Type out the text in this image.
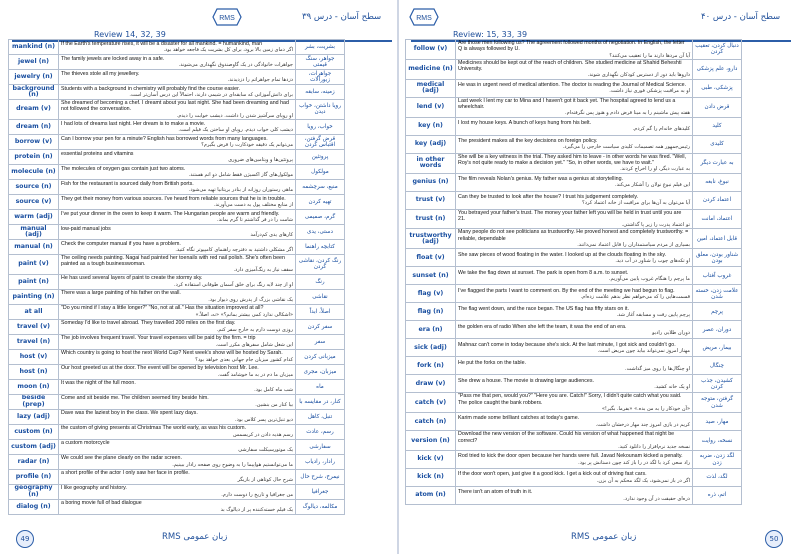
Review 14, 32, 39
RMS	سطح آسان - درس ۳۹
mankind (n)	If the Earth's temperature rises, it will be a disaster for all mankind. = humankind, man
اگر دمای زمین بالا برود، برای کل بشریت یک فاجعه خواهد بود.	بشریت، بشر
jewel (n)	The family jewels are locked away in a safe.
جواهرات خانوادگی در یک گاوصندوق نگهداری می‌شوند.	جواهر، سنگ قیمتی
jewelry (n)	The thieves stole all my jewellery.
دزدها تمام جواهراتم را دزدیدند.	جواهرات، زیورآلات
background (n)	Students with a background in chemistry will probably find the course easier.
برای دانش‌آموزانی که سابقه‌ای در شیمی دارند، احتمالاً این درس آسان‌تر است.	زمینه، سابقه
dream (v)	She dreamed of becoming a chef. I dreamt about you last night. She had been dreaming and had not followed the conversation.
او رویای سرآشپز شدن را داشت. دیشب خوابت را دیدم.	رویا داشتن، خواب دیدن
dream (n)	I had lots of dreams last night. Her dream is to make a movie.
دیشب کلی خواب دیدم. رویای او ساختن یک فیلم است.	خواب، رویا
borrow (v)	Can I borrow your pen for a minute? English has borrowed words from many languages.
می‌توانم یک دقیقه خودکارت را قرض بگیرم؟	قرض گرفتن، اقتباس کردن
protein (n)	essential proteins and vitamins
پروتئین‌ها و ویتامین‌های ضروری	پروتئین
molecule (n)	The molecules of oxygen gas contain just two atoms.
مولکول‌های گاز اکسیژن فقط شامل دو اتم هستند.	مولکول
source (n)	Fish for the restaurant is sourced daily from British ports.
ماهی رستوران روزانه از بنادر بریتانیا تهیه می‌شود.	منبع، سرچشمه
source (v)	They get their money from various sources. I've heard from reliable sources that he is in trouble.
از منابع مختلف پول به دست می‌آورند.	تهیه کردن
warm (adj)	I've put your dinner in the oven to keep it warm. The Hungarian people are warm and friendly.
شامت را در فر گذاشتم تا گرم بماند.	گرم، صمیمی
manual (adj)	low-paid manual jobs
کارهای یدی کم‌درآمد	دستی، یدی
manual (n)	Check the computer manual if you have a problem.
اگر مشکلی داشتید به دفترچه راهنمای کامپیوتر نگاه کنید.	کتابچه راهنما
paint (v)	The ceiling needs painting. Nagai had painted her toenails with red nail polish. She's often been painted as a tough businesswoman.
سقف نیاز به رنگ‌آمیزی دارد.	رنگ کردن، نقاشی کردن
paint (n)	He has used several layers of paint to create the stormy sky.
او از چند لایه رنگ برای خلق آسمان طوفانی استفاده کرد.	رنگ
painting (n)	There was a large painting of his father on the wall.
یک نقاشی بزرگ از پدرش روی دیوار بود.	نقاشی
at all	"Do you mind if I stay a little longer?" "No, not at all." Has the situation improved at all?
«اشکالی ندارد کمی بیشتر بمانم؟» «نه، اصلاً.»	اصلاً، ابداً
travel (v)	Someday I'd like to travel abroad. They travelled 200 miles on the first day.
روزی دوست دارم به خارج سفر کنم.	سفر کردن
travel (n)	The job involves frequent travel. Your travel expenses will be paid by the firm. = trip
این شغل شامل سفرهای مکرر است.	سفر
host (v)	Which country is going to host the next World Cup? Next week's show will be hosted by Sarah.
کدام کشور میزبان جام جهانی بعدی خواهد بود؟	میزبانی کردن
host (n)	Our host greeted us at the door. The event will be opened by television host Mr. Lee.
میزبان ما دم در به ما خوشامد گفت.	میزبان، مجری
moon (n)	It was the night of the full moon.
شب ماه کامل بود.	ماه
beside (prep)	Come and sit beside me. The children seemed tiny beside him.
بیا کنار من بنشین.	کنار، در مقایسه با
lazy (adj)	Dave was the laziest boy in the class. We spent lazy days.
دیو تنبل‌ترین پسر کلاس بود.	تنبل، کاهل
custom (n)	the custom of giving presents at Christmas The world early, as was his custom.
رسم هدیه دادن در کریسمس	رسم، عادت
custom (adj)	a custom motorcycle
یک موتورسیکلت سفارشی	سفارشی
radar (n)	We could see the plane clearly on the radar screen.
ما می‌توانستیم هواپیما را به وضوح روی صفحه رادار ببینیم.	رادار، رادیاب
profile (n)	a short profile of the actor I only saw her face in profile.
شرح حال کوتاهی از بازیگر	نیمرخ، شرح حال
geography (n)	I like geography and history.
من جغرافیا و تاریخ را دوست دارم.	جغرافیا
dialog (n)	a boring movie full of bad dialogue
یک فیلم خسته‌کننده پر از دیالوگ بد	مکالمه، دیالوگ
49	زبان عمومی RMS
Review: 15, 33, 39
RMS	سطح آسان - درس ۴۰
follow (v)	Are those men following us? The agreement followed months of negotiation. In English, the letter Q is always followed by U.
آیا آن مردها دارند ما را تعقیب می‌کنند؟	دنبال کردن، تعقیب کردن
medicine (n)	Medicines should be kept out of the reach of children. She studied medicine at Shahid Beheshti University.
داروها باید دور از دسترس کودکان نگهداری شوند.	دارو، علم پزشکی
medical (adj)	He was in urgent need of medical attention. The doctor is reading the Journal of Medical Science.
او به مراقبت پزشکی فوری نیاز داشت.	پزشکی، طبی
lend (v)	Last week I lent my car to Mina and I haven't got it back yet. The hospital agreed to lend us a wheelchair.
هفته پیش ماشینم را به مینا قرض دادم و هنوز پس نگرفته‌ام.	قرض دادن
key (n)	I lost my house keys. A bunch of keys hung from his belt.
کلیدهای خانه‌ام را گم کردم.	کلید
key (adj)	The president makes all the key decisions on foreign policy.
رئیس‌جمهور همه تصمیمات کلیدی سیاست خارجی را می‌گیرد.	کلیدی
in other words	She will be a key witness in the trial. They asked him to leave - in other words he was fired. "Well, Roy's not quite ready to make a decision yet." "So, in other words, we have to wait."
به عبارت دیگر، او را اخراج کردند.	به عبارت دیگر
genius (n)	The film reveals Nolan's genius. My father was a genius at storytelling.
این فیلم نبوغ نولان را آشکار می‌کند.	نبوغ، نابغه
trust (v)	Can they be trusted to look after the house? I trust his judgement completely.
آیا می‌توان به آن‌ها برای مراقبت از خانه اعتماد کرد؟	اعتماد کردن
trust (n)	You betrayed your father's trust. The money your father left you will be held in trust until you are 21.
تو اعتماد پدرت را زیر پا گذاشتی.	اعتماد، امانت
trustworthy (adj)	Many people do not see politicians as trustworthy. He proved honest and completely trustworthy. = reliable, dependable
بسیاری از مردم سیاستمداران را قابل اعتماد نمی‌دانند.	قابل اعتماد، امین
float (v)	She saw pieces of wood floating in the water. I looked up at the clouds floating in the sky.
او تکه‌های چوب را شناور در آب دید.	شناور بودن، معلق بودن
sunset (n)	We take the flag down at sunset. The park is open from 8 a.m. to sunset.
ما پرچم را هنگام غروب پایین می‌آوریم.	غروب آفتاب
flag (v)	I've flagged the parts I want to comment on. By the end of the meeting we had begun to flag.
قسمت‌هایی را که می‌خواهم نظر بدهم علامت زده‌ام.	علامت زدن، خسته شدن
flag (n)	The flag went down, and the race began. The US flag has fifty stars on it.
پرچم پایین رفت و مسابقه آغاز شد.	پرچم
era (n)	the golden era of radio When she left the team, it was the end of an era.
دوران طلایی رادیو	دوران، عصر
sick (adj)	Mahnaz can't come in today because she's sick. At the last minute, I got sick and couldn't go.
مهناز امروز نمی‌تواند بیاید چون مریض است.	بیمار، مریض
fork (n)	He put the forks on the table.
او چنگال‌ها را روی میز گذاشت.	چنگال
draw (v)	She drew a house. The movie is drawing large audiences.
او یک خانه کشید.	کشیدن، جذب کردن
catch (v)	"Pass me that pen, would you?" "Here you are. Catch!" Sorry, I didn't quite catch what you said. The police caught the bank robbers.
«آن خودکار را به من بده.» «بفرما. بگیر!»	گرفتن، متوجه شدن
catch (n)	Karim made some brilliant catches at today's game.
کریم در بازی امروز چند مهار درخشان داشت.	مهار، صید
version (n)	Download the new version of the software. Could his version of what happened that night be correct?
نسخه جدید نرم‌افزار را دانلود کنید.	نسخه، روایت
kick (v)	Rod tried to kick the door open because her hands were full. Javad Nekounam kicked a penalty.
راد سعی کرد با لگد در را باز کند چون دستانش پر بود.	لگد زدن، ضربه زدن
kick (n)	If the door won't open, just give it a good kick. I get a kick out of driving fast cars.
اگر در باز نمی‌شود، یک لگد محکم به آن بزن.	لگد، لذت
atom (n)	There isn't an atom of truth in it.
ذره‌ای حقیقت در آن وجود ندارد.	اتم، ذره
50
زبان عمومی RMS
